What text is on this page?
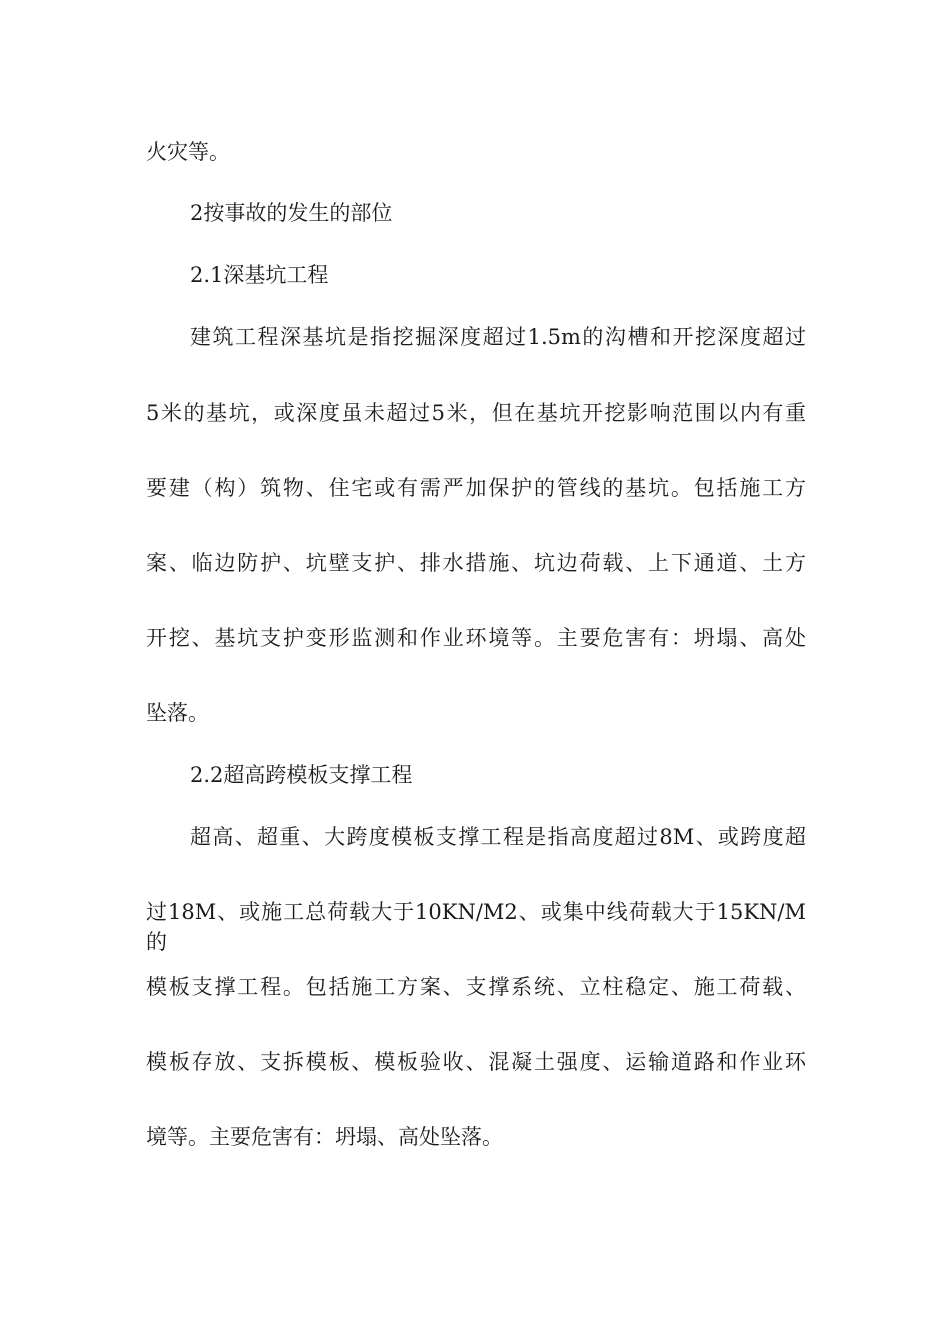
火灾等。
2按事故的发生的部位
2.1深基坑工程
建筑工程深基坑是指挖掘深度超过1.5m的沟槽和开挖深度超过
5米的基坑，或深度虽未超过5米，但在基坑开挖影响范围以内有重
要建（构）筑物、住宅或有需严加保护的管线的基坑。包括施工方
案、临边防护、坑壁支护、排水措施、坑边荷载、上下通道、土方
开挖、基坑支护变形监测和作业环境等。主要危害有：坍塌、高处
坠落。
2.2超高跨模板支撑工程
超高、超重、大跨度模板支撑工程是指高度超过8M、或跨度超
过18M、或施工总荷载大于10KN/M2、或集中线荷载大于15KN/M的
模板支撑工程。包括施工方案、支撑系统、立柱稳定、施工荷载、
模板存放、支拆模板、模板验收、混凝土强度、运输道路和作业环
境等。主要危害有：坍塌、高处坠落。
